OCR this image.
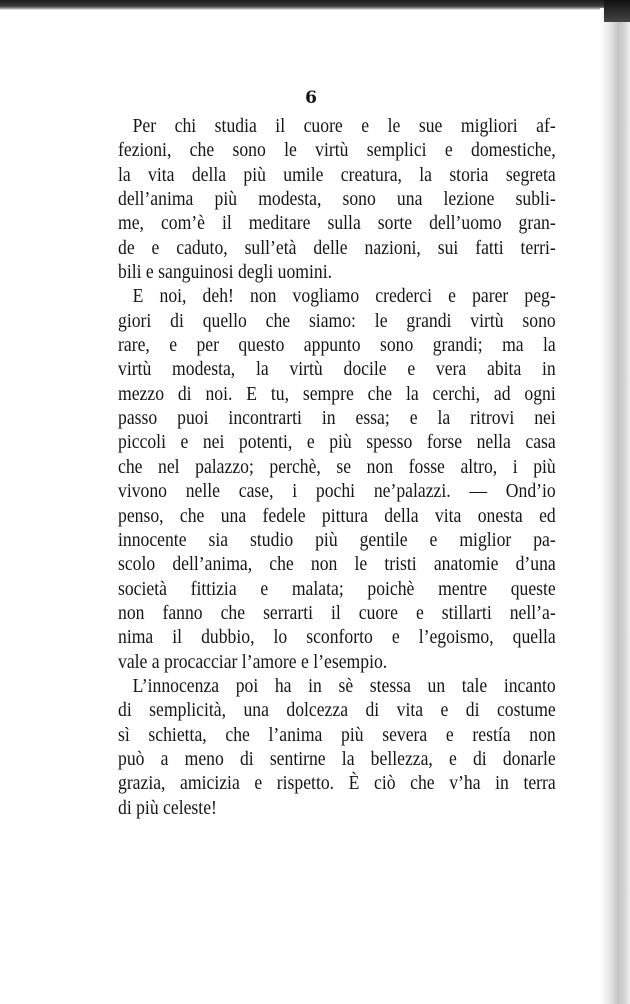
6
Per chi studia il cuore e le sue migliori af-
fezioni, che sono le virtù semplici e domestiche,
la vita della più umile creatura, la storia segreta
dell’anima più modesta, sono una lezione subli-
me, com’è il meditare sulla sorte dell’uomo gran-
de e caduto, sull’età delle nazioni, sui fatti terri-
bili e sanguinosi degli uomini.
E noi, deh! non vogliamo crederci e parer peg-
giori di quello che siamo: le grandi virtù sono
rare, e per questo appunto sono grandi; ma la
virtù modesta, la virtù docile e vera abita in
mezzo di noi. E tu, sempre che la cerchi, ad ogni
passo puoi incontrarti in essa; e la ritrovi nei
piccoli e nei potenti, e più spesso forse nella casa
che nel palazzo; perchè, se non fosse altro, i più
vivono nelle case, i pochi ne’palazzi. — Ond’io
penso, che una fedele pittura della vita onesta ed
innocente sia studio più gentile e miglior pa-
scolo dell’anima, che non le tristi anatomie d’una
società fittizia e malata; poichè mentre queste
non fanno che serrarti il cuore e stillarti nell’a-
nima il dubbio, lo sconforto e l’egoismo, quella
vale a procacciar l’amore e l’esempio.
L’innocenza poi ha in sè stessa un tale incanto
di semplicità, una dolcezza di vita e di costume
sì schietta, che l’anima più severa e restía non
può a meno di sentirne la bellezza, e di donarle
grazia, amicizia e rispetto. È ciò che v’ha in terra
di più celeste!
